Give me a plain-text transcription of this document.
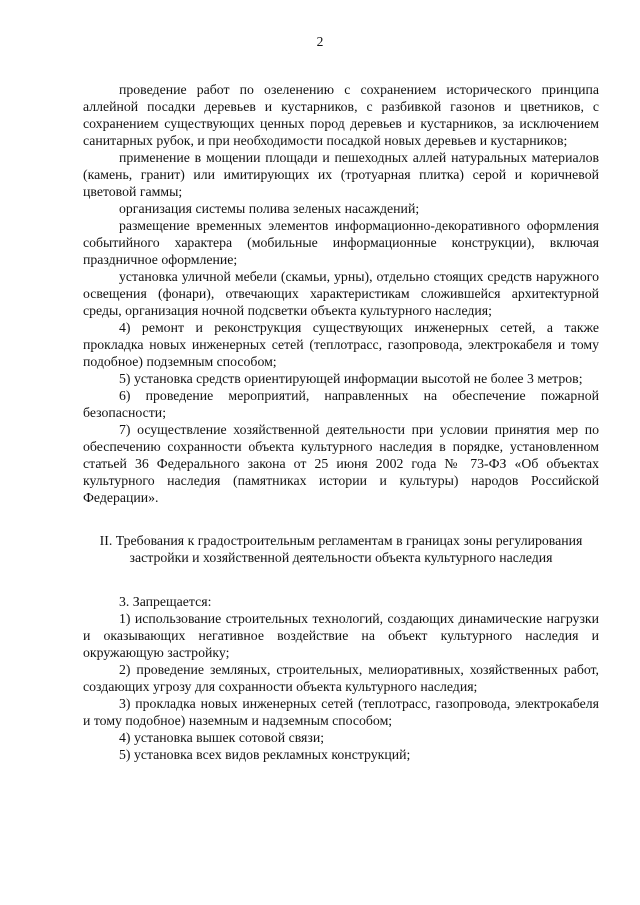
2

проведение работ по озеленению с сохранением исторического принципа аллейной посадки деревьев и кустарников, с разбивкой газонов и цветников, с сохранением существующих ценных пород деревьев и кустарников, за исключением санитарных рубок, и при необходимости посадкой новых деревьев и кустарников;

применение в мощении площади и пешеходных аллей натуральных материалов (камень, гранит) или имитирующих их (тротуарная плитка) серой и коричневой цветовой гаммы;

организация системы полива зеленых насаждений;

размещение временных элементов информационно-декоративного оформления событийного характера (мобильные информационные конструкции), включая праздничное оформление;

установка уличной мебели (скамьи, урны), отдельно стоящих средств наружного освещения (фонари), отвечающих характеристикам сложившейся архитектурной среды, организация ночной подсветки объекта культурного наследия;

4) ремонт и реконструкция существующих инженерных сетей, а также прокладка новых инженерных сетей (теплотрасс, газопровода, электрокабеля и тому подобное) подземным способом;

5) установка средств ориентирующей информации высотой не более 3 метров;

6) проведение мероприятий, направленных на обеспечение пожарной безопасности;

7) осуществление хозяйственной деятельности при условии принятия мер по обеспечению сохранности объекта культурного наследия в порядке, установленном статьей 36 Федерального закона от 25 июня 2002 года № 73-ФЗ «Об объектах культурного наследия (памятниках истории и культуры) народов Российской Федерации».

II. Требования к градостроительным регламентам в границах зоны регулирования застройки и хозяйственной деятельности объекта культурного наследия

3. Запрещается:

1) использование строительных технологий, создающих динамические нагрузки и оказывающих негативное воздействие на объект культурного наследия и окружающую застройку;

2) проведение земляных, строительных, мелиоративных, хозяйственных работ, создающих угрозу для сохранности объекта культурного наследия;

3) прокладка новых инженерных сетей (теплотрасс, газопровода, электрокабеля и тому подобное) наземным и надземным способом;

4) установка вышек сотовой связи;

5) установка всех видов рекламных конструкций;
